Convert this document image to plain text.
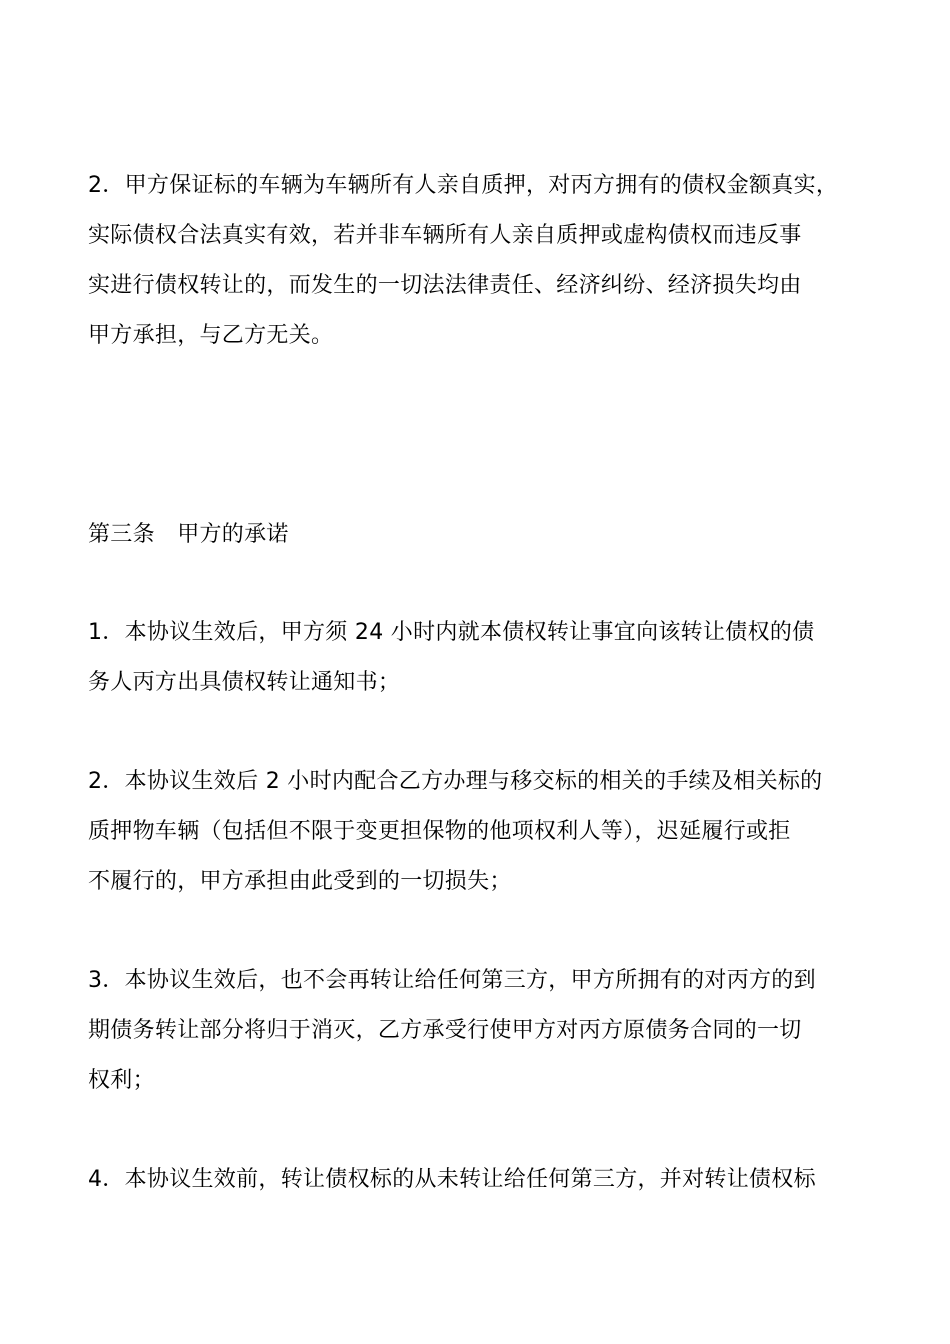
2．甲方保证标的车辆为车辆所有人亲自质押，对丙方拥有的债权金额真实，
实际债权合法真实有效，若并非车辆所有人亲自质押或虚构债权而违反事
实进行债权转让的，而发生的一切法法律责任、经济纠纷、经济损失均由
甲方承担，与乙方无关。
第三条　甲方的承诺
1．本协议生效后，甲方须 24 小时内就本债权转让事宜向该转让债权的债
务人丙方出具债权转让通知书；
2．本协议生效后 2 小时内配合乙方办理与移交标的相关的手续及相关标的
质押物车辆（包括但不限于变更担保物的他项权利人等），迟延履行或拒
不履行的，甲方承担由此受到的一切损失；
3．本协议生效后，也不会再转让给任何第三方，甲方所拥有的对丙方的到
期债务转让部分将归于消灭，乙方承受行使甲方对丙方原债务合同的一切
权利；
4．本协议生效前，转让债权标的从未转让给任何第三方，并对转让债权标
